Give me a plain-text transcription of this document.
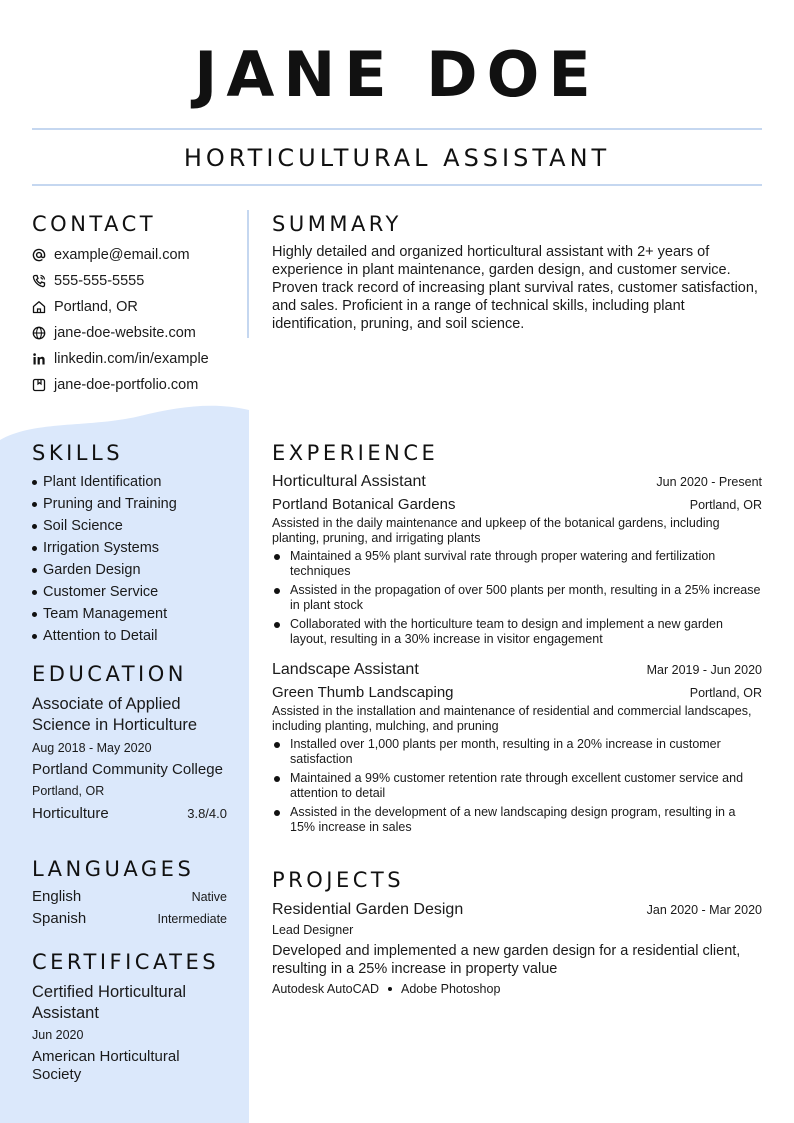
JANE DOE
HORTICULTURAL ASSISTANT
CONTACT
example@email.com
555-555-5555
Portland, OR
jane-doe-website.com
linkedin.com/in/example
jane-doe-portfolio.com
SKILLS
Plant Identification
Pruning and Training
Soil Science
Irrigation Systems
Garden Design
Customer Service
Team Management
Attention to Detail
EDUCATION
Associate of Applied Science in Horticulture
Aug 2018 - May 2020
Portland Community College
Portland, OR
Horticulture	3.8/4.0
LANGUAGES
English	Native
Spanish	Intermediate
CERTIFICATES
Certified Horticultural Assistant
Jun 2020
American Horticultural Society
SUMMARY
Highly detailed and organized horticultural assistant with 2+ years of experience in plant maintenance, garden design, and customer service. Proven track record of increasing plant survival rates, customer satisfaction, and sales. Proficient in a range of technical skills, including plant identification, pruning, and soil science.
EXPERIENCE
Horticultural Assistant	Jun 2020 - Present
Portland Botanical Gardens	Portland, OR
Assisted in the daily maintenance and upkeep of the botanical gardens, including planting, pruning, and irrigating plants
Maintained a 95% plant survival rate through proper watering and fertilization techniques
Assisted in the propagation of over 500 plants per month, resulting in a 25% increase in plant stock
Collaborated with the horticulture team to design and implement a new garden layout, resulting in a 30% increase in visitor engagement
Landscape Assistant	Mar 2019 - Jun 2020
Green Thumb Landscaping	Portland, OR
Assisted in the installation and maintenance of residential and commercial landscapes, including planting, mulching, and pruning
Installed over 1,000 plants per month, resulting in a 20% increase in customer satisfaction
Maintained a 99% customer retention rate through excellent customer service and attention to detail
Assisted in the development of a new landscaping design program, resulting in a 15% increase in sales
PROJECTS
Residential Garden Design	Jan 2020 - Mar 2020
Lead Designer
Developed and implemented a new garden design for a residential client, resulting in a 25% increase in property value
Autodesk AutoCAD Adobe Photoshop
